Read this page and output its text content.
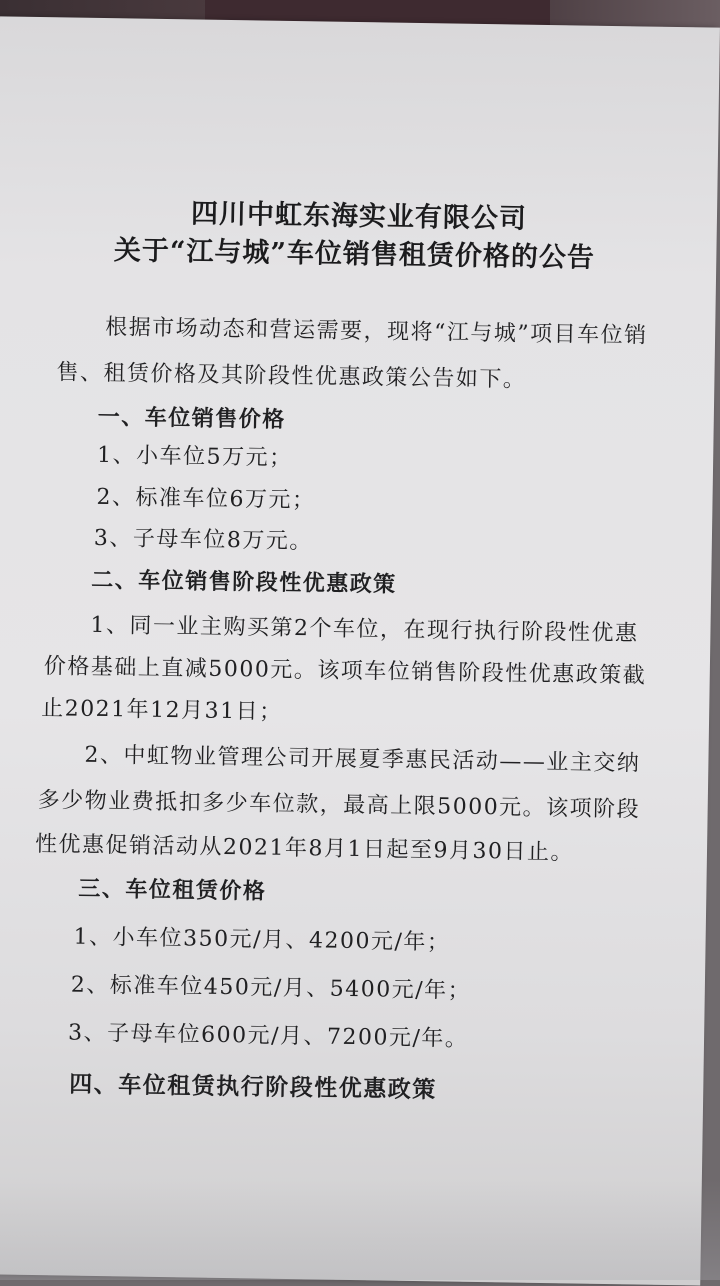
四川中虹东海实业有限公司
关于“江与城”车位销售租赁价格的公告
根据市场动态和营运需要，现将“江与城”项目车位销
售、租赁价格及其阶段性优惠政策公告如下。
一、车位销售价格
1、小车位5万元；
2、标准车位6万元；
3、子母车位8万元。
二、车位销售阶段性优惠政策
1、同一业主购买第2个车位，在现行执行阶段性优惠
价格基础上直减5000元。该项车位销售阶段性优惠政策截
止2021年12月31日；
2、中虹物业管理公司开展夏季惠民活动——业主交纳
多少物业费抵扣多少车位款，最高上限5000元。该项阶段
性优惠促销活动从2021年8月1日起至9月30日止。
三、车位租赁价格
1、小车位350元/月、4200元/年；
2、标准车位450元/月、5400元/年；
3、子母车位600元/月、7200元/年。
四、车位租赁执行阶段性优惠政策
